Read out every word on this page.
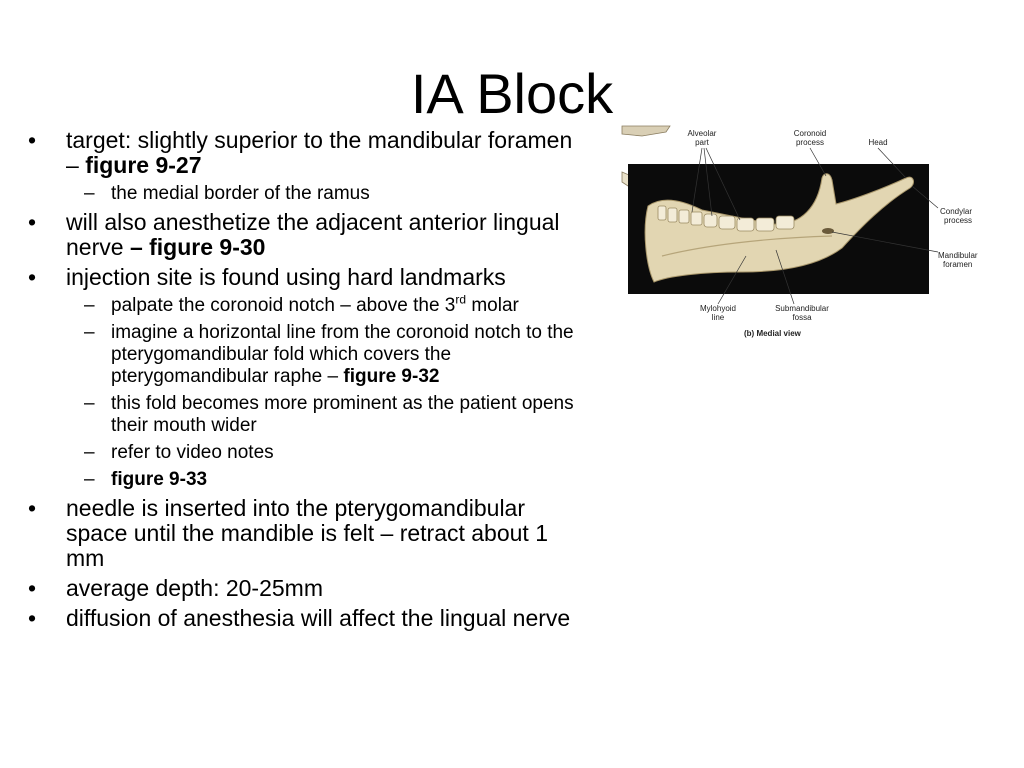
IA Block
• target: slightly superior to the mandibular foramen – figure 9-27
– the medial border of the ramus
• will also anesthetize the adjacent anterior lingual nerve – figure 9-30
• injection site is found using hard landmarks
– palpate the coronoid notch – above the 3rd molar
– imagine a horizontal line from the coronoid notch to the pterygomandibular fold which covers the pterygomandibular raphe – figure 9-32
– this fold becomes more prominent as the patient opens their mouth wider
– refer to video notes
– figure 9-33
• needle is inserted into the pterygomandibular space until the mandible is felt – retract about 1 mm
• average depth: 20-25mm
• diffusion of anesthesia will affect the lingual nerve
Alveolar
part
Coronoid
process	Head
Condylar
process
Mandibular
foramen
Mylohyoid
line
Submandibular
fossa
(b) Medial view
